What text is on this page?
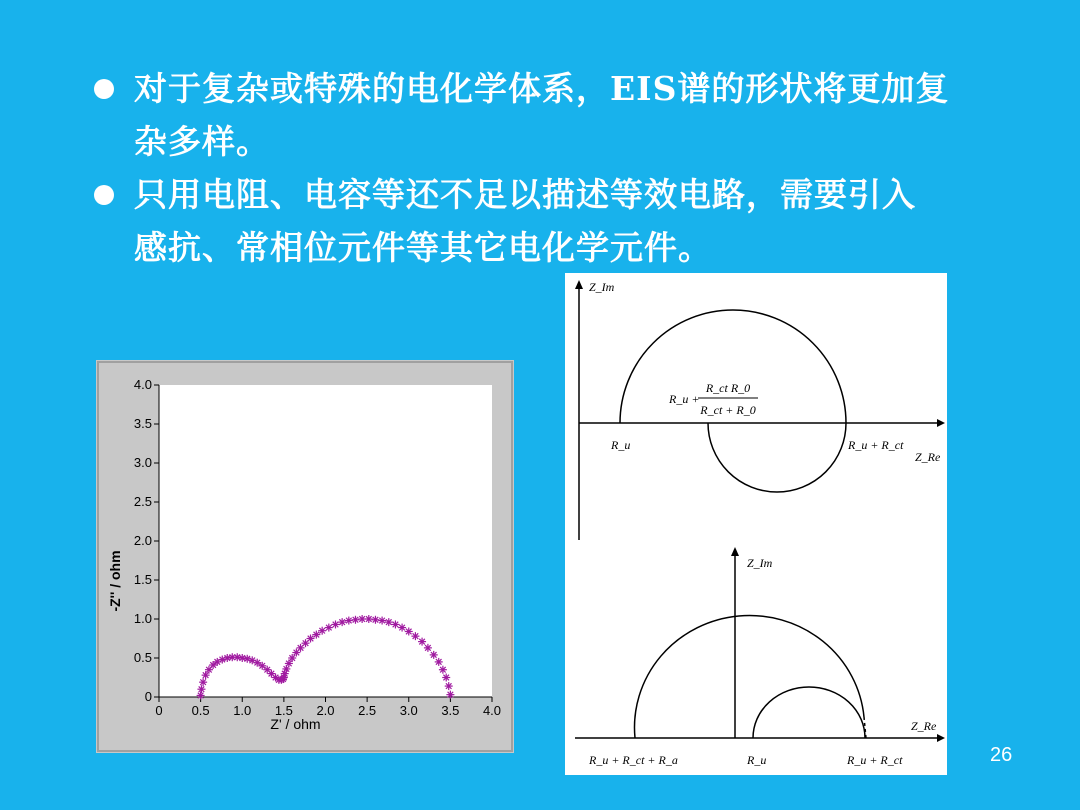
对于复杂或特殊的电化学体系，EIS谱的形状将更加复
杂多样。
只用电阻、电容等还不足以描述等效电路，需要引入
感抗、常相位元件等其它电化学元件。
0 0.5 1.0 1.5 2.0 2.5 3.0 3.5 4.0
0
0.5
1.0
1.5
2.0
2.5
3.0
3.5
4.0
Z' / ohm
-Z'' / ohm
Z_Im
Z_Re
R_u	R_u + R_ct
R_u +
R_ct R_0
R_ct + R_0
Z_Im
Z_Re
R_u + R_ct + R_a	R_u	R_u + R_ct	26
